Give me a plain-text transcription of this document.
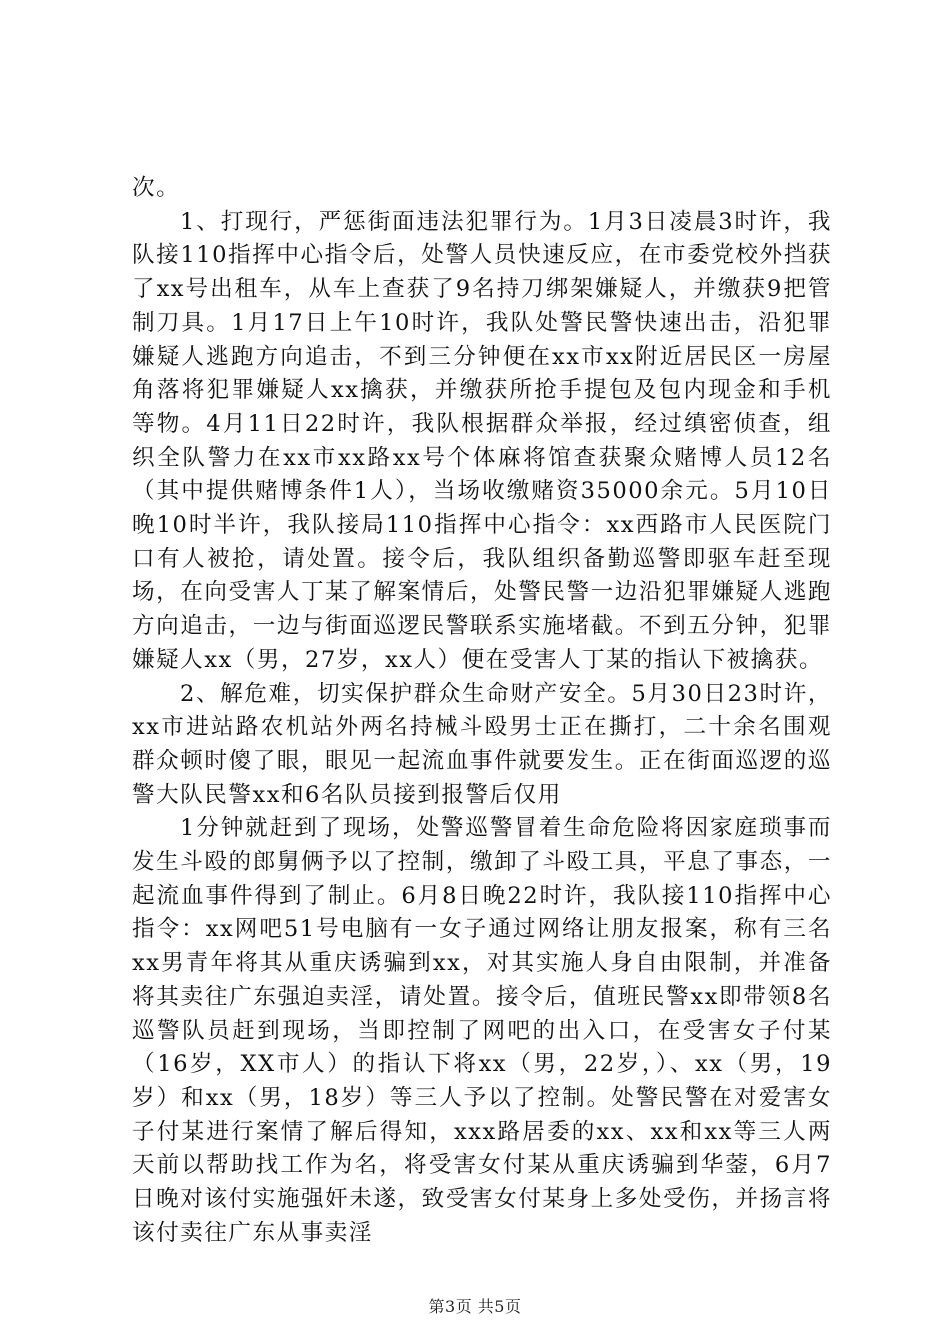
次。

1、打现行，严惩街面违法犯罪行为。1月3日凌晨3时许，我队接110指挥中心指令后，处警人员快速反应，在市委党校外挡获了xx号出租车，从车上查获了9名持刀绑架嫌疑人，并缴获9把管制刀具。1月17日上午10时许，我队处警民警快速出击，沿犯罪嫌疑人逃跑方向追击，不到三分钟便在xx市xx附近居民区一房屋角落将犯罪嫌疑人xx擒获，并缴获所抢手提包及包内现金和手机等物。4月11日22时许，我队根据群众举报，经过缜密侦查，组织全队警力在xx市xx路xx号个体麻将馆查获聚众赌博人员12名（其中提供赌博条件1人），当场收缴赌资35000余元。5月10日晚10时半许，我队接局110指挥中心指令：xx西路市人民医院门口有人被抢，请处置。接令后，我队组织备勤巡警即驱车赶至现场，在向受害人丁某了解案情后，处警民警一边沿犯罪嫌疑人逃跑方向追击，一边与街面巡逻民警联系实施堵截。不到五分钟，犯罪嫌疑人xx（男，27岁，xx人）便在受害人丁某的指认下被擒获。

2、解危难，切实保护群众生命财产安全。5月30日23时许，xx市进站路农机站外两名持械斗殴男士正在撕打，二十余名围观群众顿时傻了眼，眼见一起流血事件就要发生。正在街面巡逻的巡警大队民警xx和6名队员接到报警后仅用

1分钟就赶到了现场，处警巡警冒着生命危险将因家庭琐事而发生斗殴的郎舅俩予以了控制，缴卸了斗殴工具，平息了事态，一起流血事件得到了制止。6月8日晚22时许，我队接110指挥中心指令：xx网吧51号电脑有一女子通过网络让朋友报案，称有三名xx男青年将其从重庆诱骗到xx，对其实施人身自由限制，并准备将其卖往广东强迫卖淫，请处置。接令后，值班民警xx即带领8名巡警队员赶到现场，当即控制了网吧的出入口，在受害女子付某（16岁，XX市人）的指认下将xx（男，22岁，）、xx（男，19岁）和xx（男，18岁）等三人予以了控制。处警民警在对爱害女子付某进行案情了解后得知，xxx路居委的xx、xx和xx等三人两天前以帮助找工作为名，将受害女付某从重庆诱骗到华蓥，6月7日晚对该付实施强奸未遂，致受害女付某身上多处受伤，并扬言将该付卖往广东从事卖淫

第3页 共5页
